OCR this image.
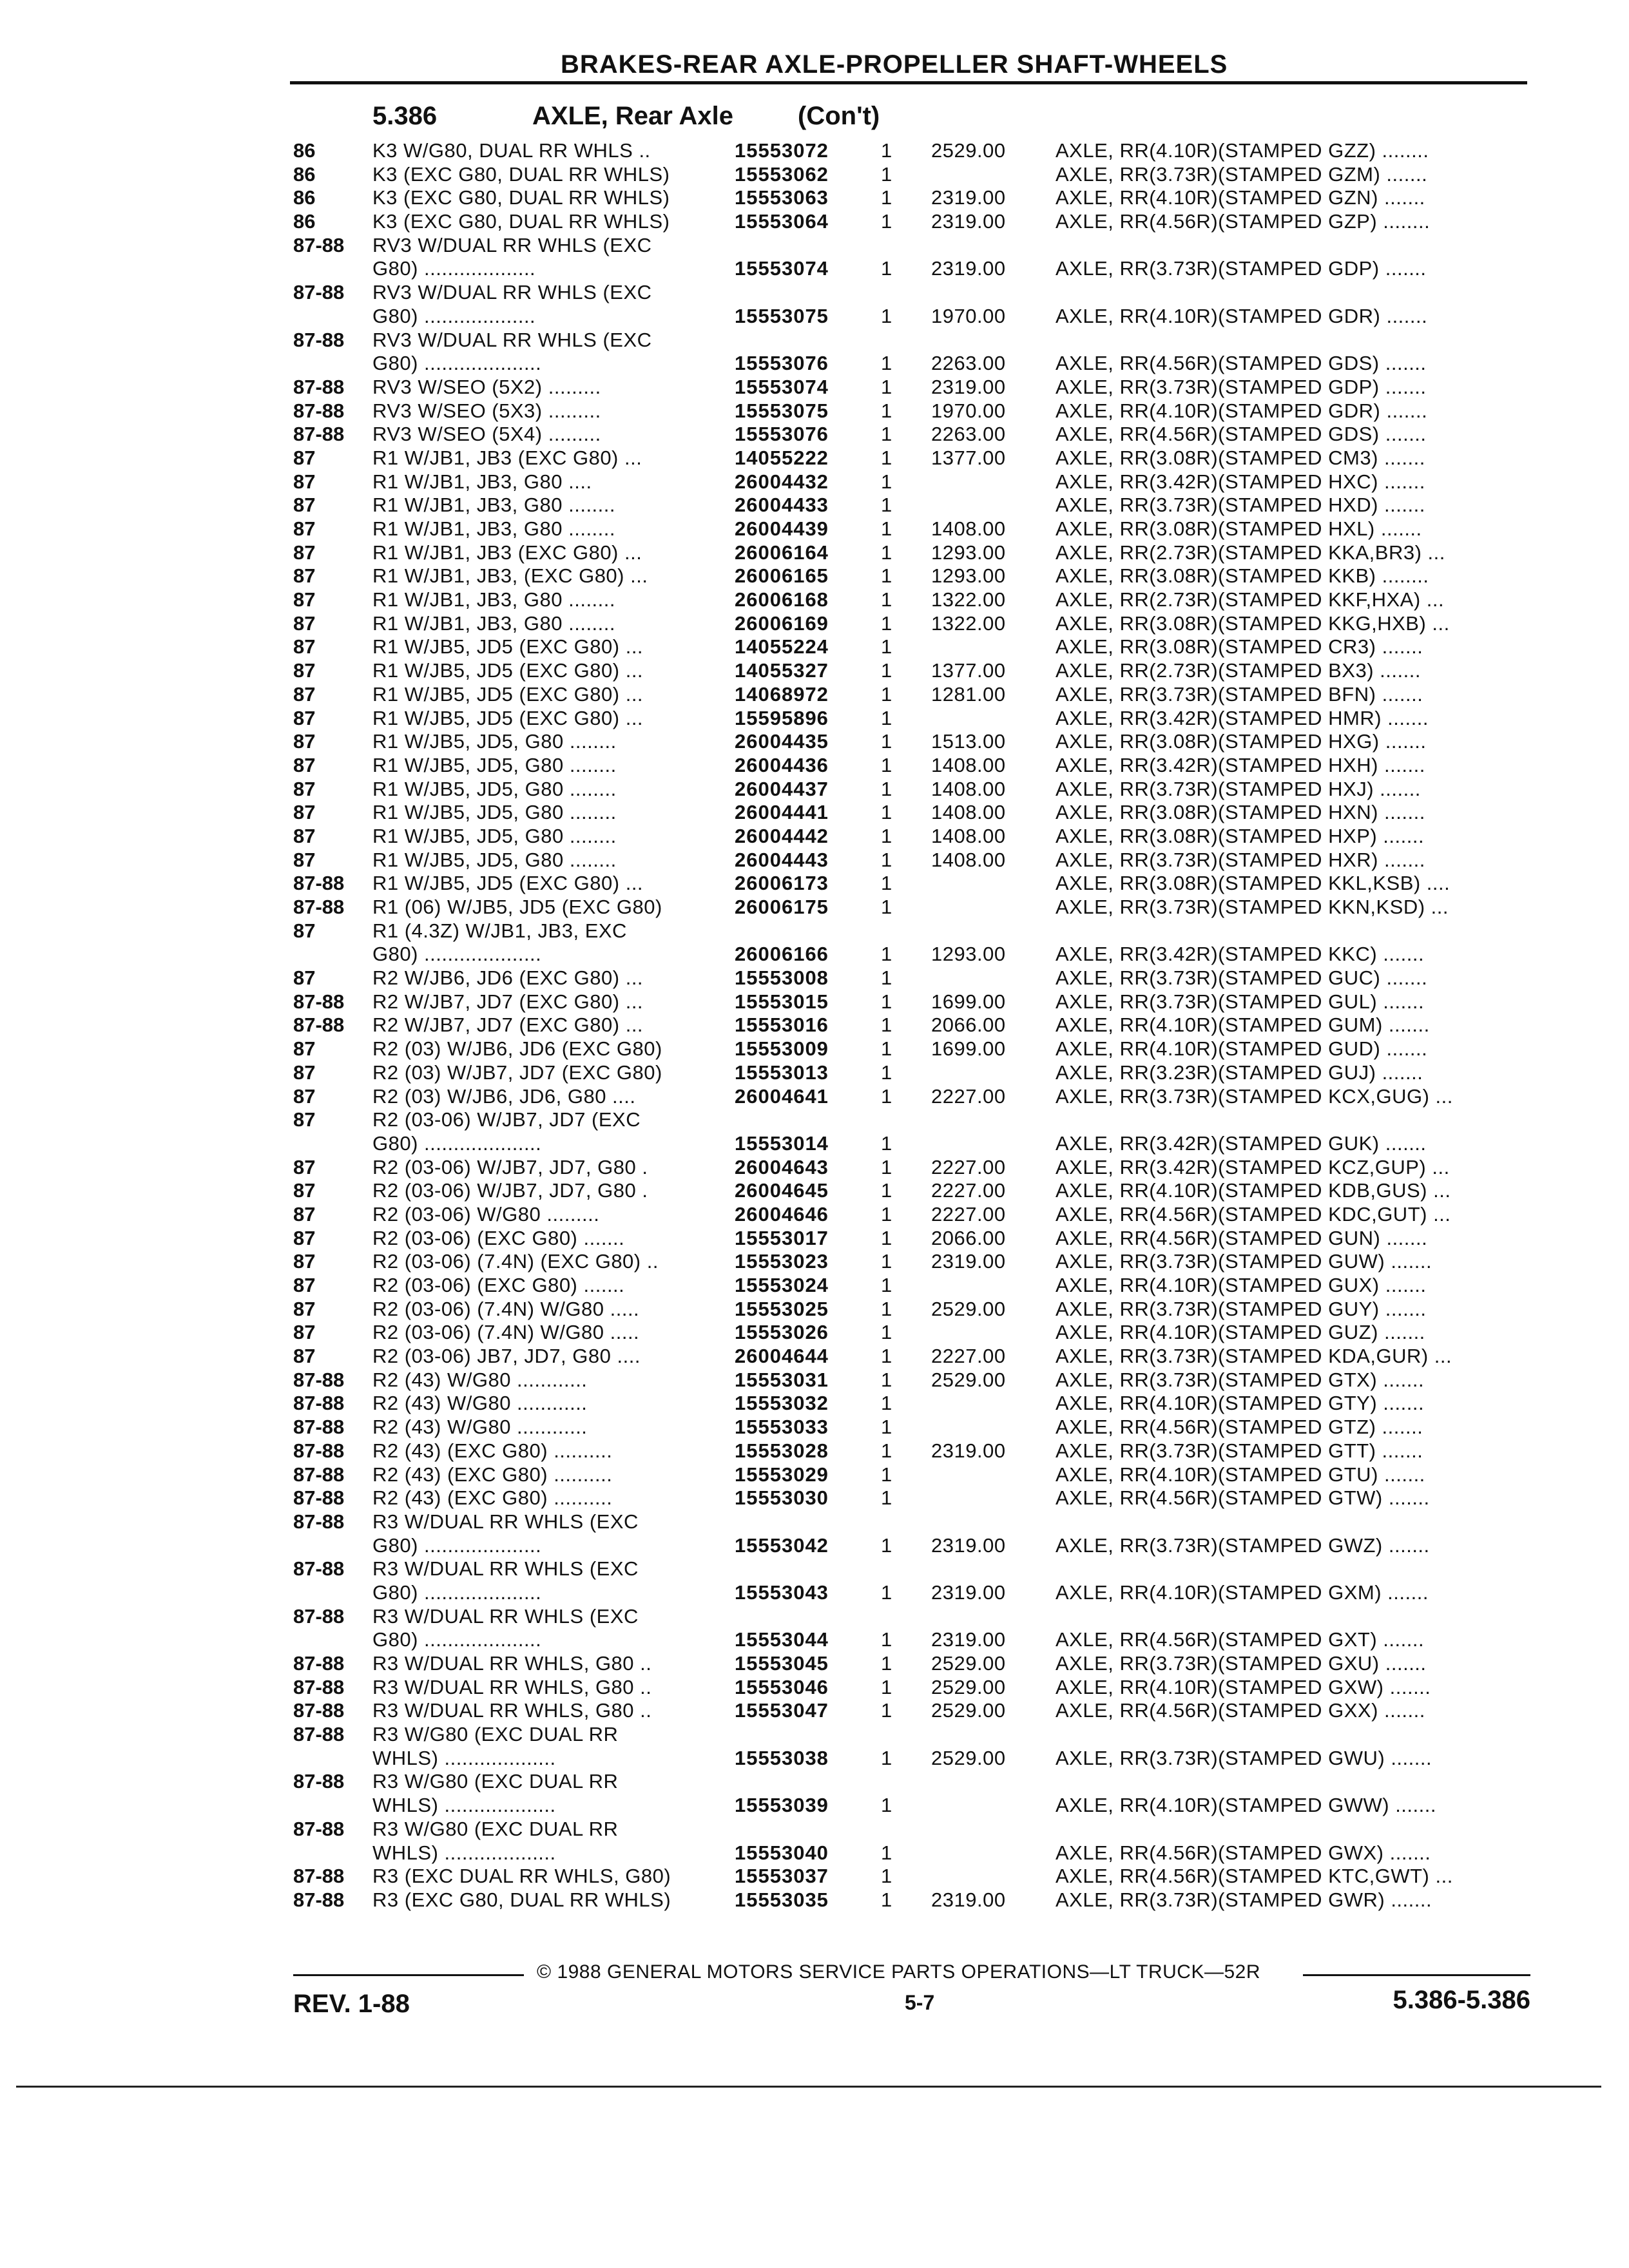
BRAKES-REAR AXLE-PROPELLER SHAFT-WHEELS
5.386	AXLE, Rear Axle	(Con't)
86	K3 W/G80, DUAL RR WHLS ..	15553072	1 2529.00 AXLE, RR(4.10R)(STAMPED GZZ) ........
86	K3 (EXC G80, DUAL RR WHLS)	15553062	1	AXLE, RR(3.73R)(STAMPED GZM) .......
86	K3 (EXC G80, DUAL RR WHLS)	15553063	1 2319.00 AXLE, RR(4.10R)(STAMPED GZN) .......
86	K3 (EXC G80, DUAL RR WHLS)	15553064	1 2319.00 AXLE, RR(4.56R)(STAMPED GZP) ........
87-88 RV3 W/DUAL RR WHLS (EXC
G80) ...................	15553074	1 2319.00 AXLE, RR(3.73R)(STAMPED GDP) .......
87-88 RV3 W/DUAL RR WHLS (EXC
G80) ...................	15553075	1 1970.00 AXLE, RR(4.10R)(STAMPED GDR) .......
87-88 RV3 W/DUAL RR WHLS (EXC
G80) ....................	15553076	1 2263.00 AXLE, RR(4.56R)(STAMPED GDS) .......
87-88 RV3 W/SEO (5X2) .........	15553074	1 2319.00 AXLE, RR(3.73R)(STAMPED GDP) .......
87-88 RV3 W/SEO (5X3) .........	15553075	1 1970.00 AXLE, RR(4.10R)(STAMPED GDR) .......
87-88 RV3 W/SEO (5X4) .........	15553076	1 2263.00 AXLE, RR(4.56R)(STAMPED GDS) .......
87	R1 W/JB1, JB3 (EXC G80) ...	14055222	1 1377.00 AXLE, RR(3.08R)(STAMPED CM3) .......
87	R1 W/JB1, JB3, G80 ....	26004432	1	AXLE, RR(3.42R)(STAMPED HXC) .......
87	R1 W/JB1, JB3, G80 ........	26004433	1	AXLE, RR(3.73R)(STAMPED HXD) .......
87	R1 W/JB1, JB3, G80 ........	26004439	1 1408.00 AXLE, RR(3.08R)(STAMPED HXL) .......
87	R1 W/JB1, JB3 (EXC G80) ...	26006164	1 1293.00 AXLE, RR(2.73R)(STAMPED KKA,BR3) ...
87	R1 W/JB1, JB3, (EXC G80) ...	26006165	1 1293.00 AXLE, RR(3.08R)(STAMPED KKB) ........
87	R1 W/JB1, JB3, G80 ........	26006168	1 1322.00 AXLE, RR(2.73R)(STAMPED KKF,HXA) ...
87	R1 W/JB1, JB3, G80 ........	26006169	1 1322.00 AXLE, RR(3.08R)(STAMPED KKG,HXB) ...
87	R1 W/JB5, JD5 (EXC G80) ...	14055224	1	AXLE, RR(3.08R)(STAMPED CR3) .......
87	R1 W/JB5, JD5 (EXC G80) ...	14055327	1 1377.00 AXLE, RR(2.73R)(STAMPED BX3) .......
87	R1 W/JB5, JD5 (EXC G80) ...	14068972	1 1281.00 AXLE, RR(3.73R)(STAMPED BFN) .......
87	R1 W/JB5, JD5 (EXC G80) ...	15595896	1	AXLE, RR(3.42R)(STAMPED HMR) .......
87	R1 W/JB5, JD5, G80 ........	26004435	1 1513.00 AXLE, RR(3.08R)(STAMPED HXG) .......
87	R1 W/JB5, JD5, G80 ........	26004436	1 1408.00 AXLE, RR(3.42R)(STAMPED HXH) .......
87	R1 W/JB5, JD5, G80 ........	26004437	1 1408.00 AXLE, RR(3.73R)(STAMPED HXJ) .......
87	R1 W/JB5, JD5, G80 ........	26004441	1 1408.00 AXLE, RR(3.08R)(STAMPED HXN) .......
87	R1 W/JB5, JD5, G80 ........	26004442	1 1408.00 AXLE, RR(3.08R)(STAMPED HXP) .......
87	R1 W/JB5, JD5, G80 ........	26004443	1 1408.00 AXLE, RR(3.73R)(STAMPED HXR) .......
87-88 R1 W/JB5, JD5 (EXC G80) ...	26006173	1	AXLE, RR(3.08R)(STAMPED KKL,KSB) ....
87-88 R1 (06) W/JB5, JD5 (EXC G80)	26006175	1	AXLE, RR(3.73R)(STAMPED KKN,KSD) ...
87	R1 (4.3Z) W/JB1, JB3, EXC
G80) ....................	26006166	1 1293.00 AXLE, RR(3.42R)(STAMPED KKC) .......
87	R2 W/JB6, JD6 (EXC G80) ...	15553008	1	AXLE, RR(3.73R)(STAMPED GUC) .......
87-88 R2 W/JB7, JD7 (EXC G80) ...	15553015	1 1699.00 AXLE, RR(3.73R)(STAMPED GUL) .......
87-88 R2 W/JB7, JD7 (EXC G80) ...	15553016	1 2066.00 AXLE, RR(4.10R)(STAMPED GUM) .......
87	R2 (03) W/JB6, JD6 (EXC G80)	15553009	1 1699.00 AXLE, RR(4.10R)(STAMPED GUD) .......
87	R2 (03) W/JB7, JD7 (EXC G80)	15553013	1	AXLE, RR(3.23R)(STAMPED GUJ) .......
87	R2 (03) W/JB6, JD6, G80 ....	26004641	1 2227.00 AXLE, RR(3.73R)(STAMPED KCX,GUG) ...
87	R2 (03-06) W/JB7, JD7 (EXC
G80) ....................	15553014	1	AXLE, RR(3.42R)(STAMPED GUK) .......
87	R2 (03-06) W/JB7, JD7, G80 .	26004643	1 2227.00 AXLE, RR(3.42R)(STAMPED KCZ,GUP) ...
87	R2 (03-06) W/JB7, JD7, G80 .	26004645	1 2227.00 AXLE, RR(4.10R)(STAMPED KDB,GUS) ...
87	R2 (03-06) W/G80 .........	26004646	1 2227.00 AXLE, RR(4.56R)(STAMPED KDC,GUT) ...
87	R2 (03-06) (EXC G80) .......	15553017	1 2066.00 AXLE, RR(4.56R)(STAMPED GUN) .......
87	R2 (03-06) (7.4N) (EXC G80) ..	15553023	1 2319.00 AXLE, RR(3.73R)(STAMPED GUW) .......
87	R2 (03-06) (EXC G80) .......	15553024	1	AXLE, RR(4.10R)(STAMPED GUX) .......
87	R2 (03-06) (7.4N) W/G80 .....	15553025	1 2529.00 AXLE, RR(3.73R)(STAMPED GUY) .......
87	R2 (03-06) (7.4N) W/G80 .....	15553026	1	AXLE, RR(4.10R)(STAMPED GUZ) .......
87	R2 (03-06) JB7, JD7, G80 ....	26004644	1 2227.00 AXLE, RR(3.73R)(STAMPED KDA,GUR) ...
87-88 R2 (43) W/G80 ............	15553031	1 2529.00 AXLE, RR(3.73R)(STAMPED GTX) .......
87-88 R2 (43) W/G80 ............	15553032	1	AXLE, RR(4.10R)(STAMPED GTY) .......
87-88 R2 (43) W/G80 ............	15553033	1	AXLE, RR(4.56R)(STAMPED GTZ) .......
87-88 R2 (43) (EXC G80) ..........	15553028	1 2319.00 AXLE, RR(3.73R)(STAMPED GTT) .......
87-88 R2 (43) (EXC G80) ..........	15553029	1	AXLE, RR(4.10R)(STAMPED GTU) .......
87-88 R2 (43) (EXC G80) ..........	15553030	1	AXLE, RR(4.56R)(STAMPED GTW) .......
87-88 R3 W/DUAL RR WHLS (EXC
G80) ....................	15553042	1 2319.00 AXLE, RR(3.73R)(STAMPED GWZ) .......
87-88 R3 W/DUAL RR WHLS (EXC
G80) ....................	15553043	1 2319.00 AXLE, RR(4.10R)(STAMPED GXM) .......
87-88 R3 W/DUAL RR WHLS (EXC
G80) ....................	15553044	1 2319.00 AXLE, RR(4.56R)(STAMPED GXT) .......
87-88 R3 W/DUAL RR WHLS, G80 ..	15553045	1 2529.00 AXLE, RR(3.73R)(STAMPED GXU) .......
87-88 R3 W/DUAL RR WHLS, G80 ..	15553046	1 2529.00 AXLE, RR(4.10R)(STAMPED GXW) .......
87-88 R3 W/DUAL RR WHLS, G80 ..	15553047	1 2529.00 AXLE, RR(4.56R)(STAMPED GXX) .......
87-88 R3 W/G80 (EXC DUAL RR
WHLS) ...................	15553038	1 2529.00 AXLE, RR(3.73R)(STAMPED GWU) .......
87-88 R3 W/G80 (EXC DUAL RR
WHLS) ...................	15553039	1	AXLE, RR(4.10R)(STAMPED GWW) .......
87-88 R3 W/G80 (EXC DUAL RR
WHLS) ...................	15553040	1	AXLE, RR(4.56R)(STAMPED GWX) .......
87-88 R3 (EXC DUAL RR WHLS, G80)	15553037	1	AXLE, RR(4.56R)(STAMPED KTC,GWT) ...
87-88 R3 (EXC G80, DUAL RR WHLS)	15553035	1 2319.00 AXLE, RR(3.73R)(STAMPED GWR) .......
© 1988 GENERAL MOTORS SERVICE PARTS OPERATIONS—LT TRUCK—52R
REV. 1-88	5-7	5.386-5.386
